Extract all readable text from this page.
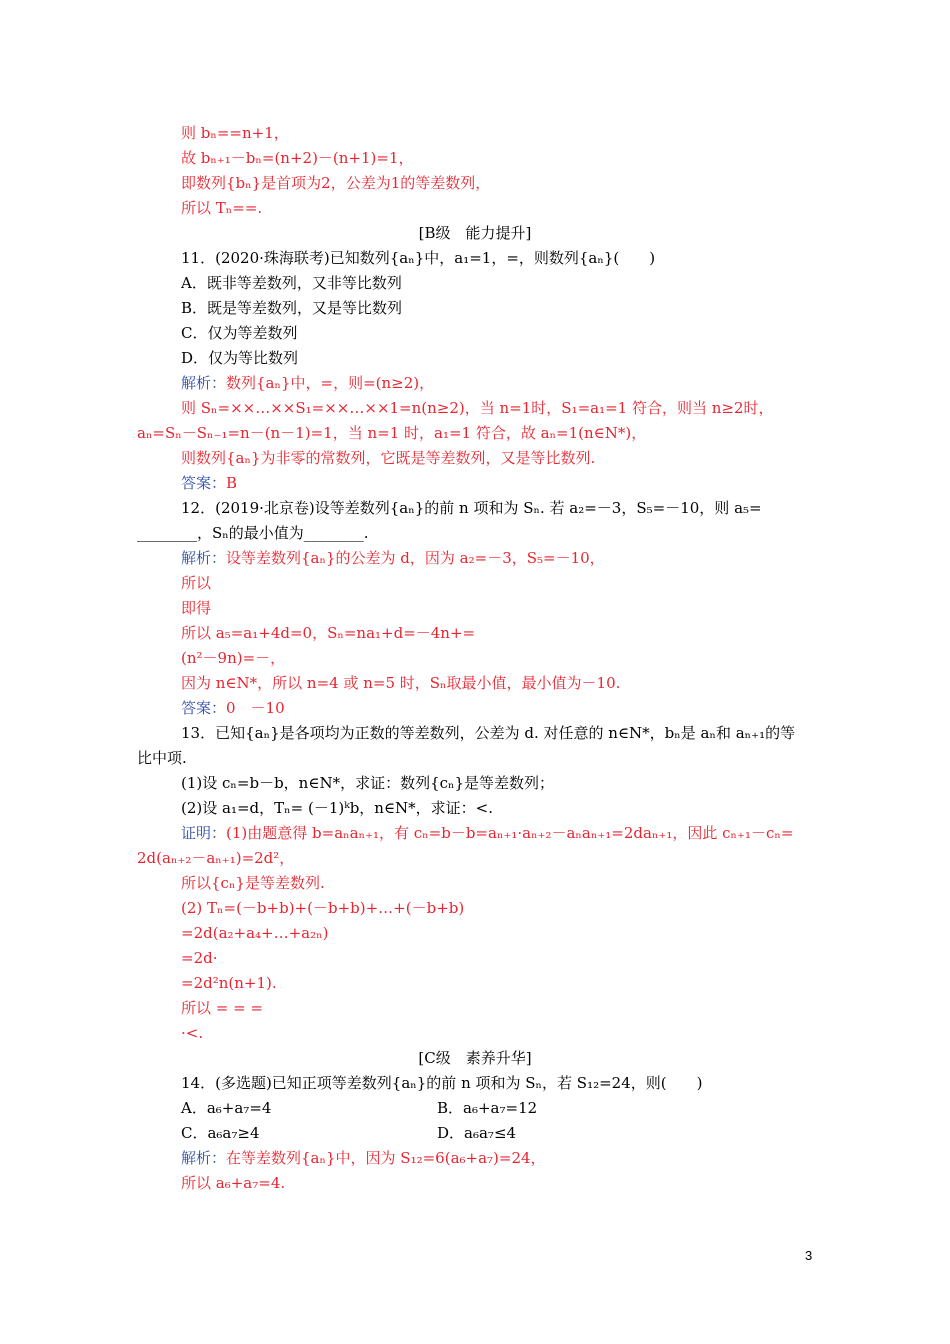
则 bₙ==n+1，
故 bₙ₊₁－bₙ=(n+2)－(n+1)=1，
即数列{bₙ}是首项为2，公差为1的等差数列，
所以 Tₙ==.
[B级　能力提升]
11．(2020·珠海联考)已知数列{aₙ}中，a₁=1，=，则数列{aₙ}(　　)
A．既非等差数列，又非等比数列
B．既是等差数列，又是等比数列
C．仅为等差数列
D．仅为等比数列
解析：数列{aₙ}中，=，则=(n≥2)，
则 Sₙ=××…××S₁=××…××1=n(n≥2)，当 n=1时，S₁=a₁=1 符合，则当 n≥2时，
aₙ=Sₙ－Sₙ₋₁=n－(n－1)=1，当 n=1 时，a₁=1 符合，故 aₙ=1(n∈N*)，
则数列{aₙ}为非零的常数列，它既是等差数列，又是等比数列.
答案：B
12．(2019·北京卷)设等差数列{aₙ}的前 n 项和为 Sₙ. 若 a₂=－3，S₅=－10，则 a₅=
________，Sₙ的最小值为________.
解析：设等差数列{aₙ}的公差为 d，因为 a₂=－3，S₅=－10，
所以
即得
所以 a₅=a₁+4d=0，Sₙ=na₁+d=－4n+=
(n²－9n)=－，
因为 n∈N*，所以 n=4 或 n=5 时，Sₙ取最小值，最小值为－10.
答案：0　－10
13．已知{aₙ}是各项均为正数的等差数列，公差为 d. 对任意的 n∈N*，bₙ是 aₙ和 aₙ₊₁的等
比中项.
(1)设 cₙ=b－b，n∈N*，求证：数列{cₙ}是等差数列；
(2)设 a₁=d，Tₙ= (－1)ᵏb，n∈N*，求证：<.
证明：(1)由题意得 b=aₙaₙ₊₁，有 cₙ=b－b=aₙ₊₁·aₙ₊₂－aₙaₙ₊₁=2daₙ₊₁，因此 cₙ₊₁－cₙ=
2d(aₙ₊₂－aₙ₊₁)=2d²，
所以{cₙ}是等差数列.
(2) Tₙ=(－b+b)+(－b+b)+…+(－b+b)
=2d(a₂+a₄+…+a₂ₙ)
=2d·
=2d²n(n+1).
所以 = = =
·<.
[C级　素养升华]
14．(多选题)已知正项等差数列{aₙ}的前 n 项和为 Sₙ，若 S₁₂=24，则(　　)
A．a₆+a₇=4	B．a₆+a₇=12
C．a₆a₇≥4	D．a₆a₇≤4
解析：在等差数列{aₙ}中，因为 S₁₂=6(a₆+a₇)=24，
所以 a₆+a₇=4.
3
